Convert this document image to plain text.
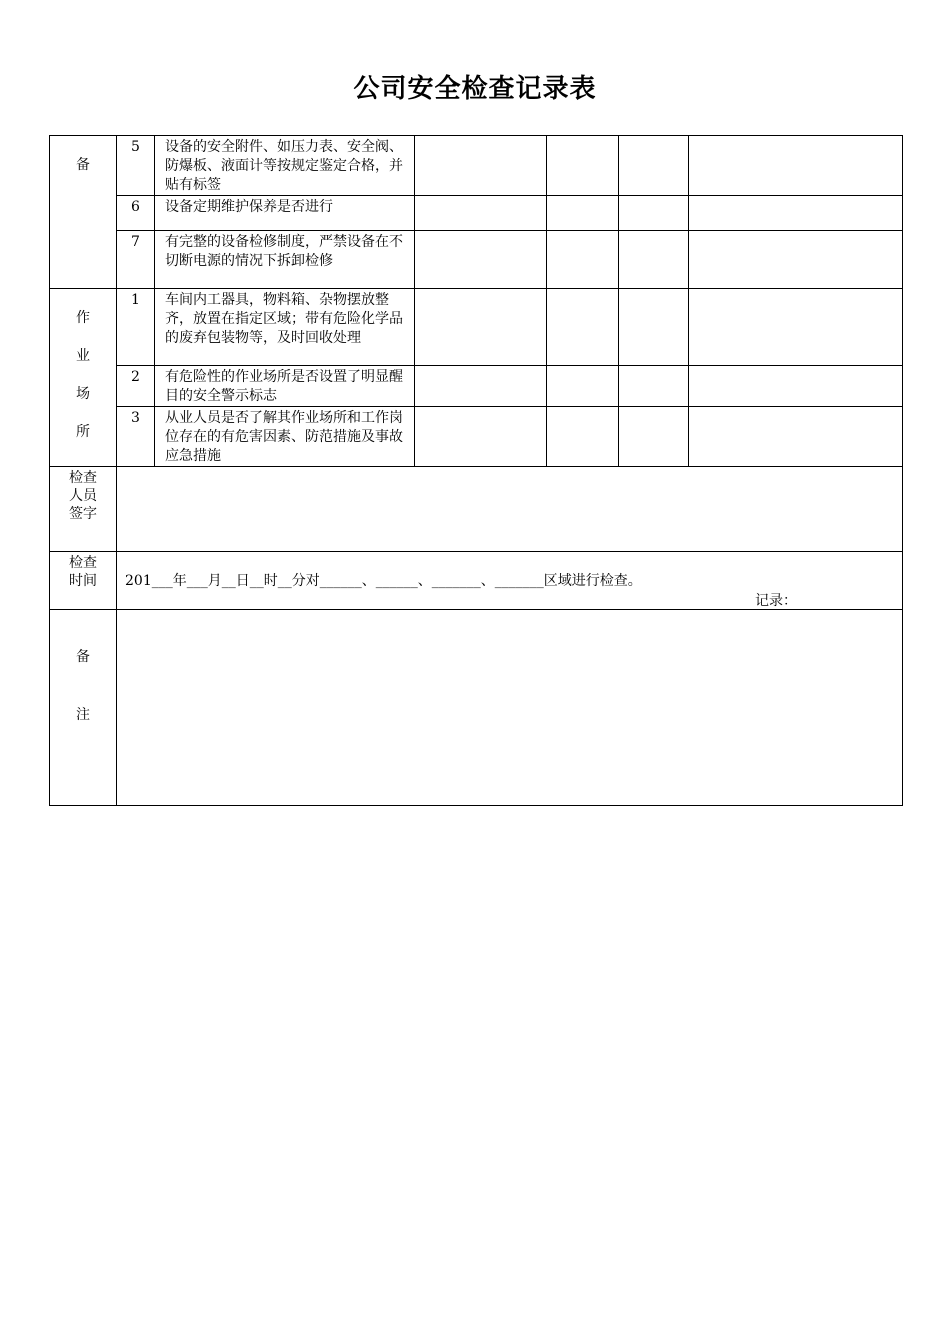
公司安全检查记录表
备	5	设备的安全附件、如压力表、安全阀、防爆板、液面计等按规定鉴定合格，并贴有标签				
	6	设备定期维护保养是否进行				
	7	有完整的设备检修制度，严禁设备在不切断电源的情况下拆卸检修				

作
业
场
所	1	车间内工器具，物料箱、杂物摆放整齐，放置在指定区域；带有危险化学品的废弃包装物等，及时回收处理				
	2	有危险性的作业场所是否设置了明显醒目的安全警示标志				
	3	从业人员是否了解其作业场所和工作岗位存在的有危害因素、防范措施及事故应急措施				

检查人员签字						

检查时间	201___年___月__日__时__分对______、______、_______、_______区域进行检查。
记录：					

备
注						
